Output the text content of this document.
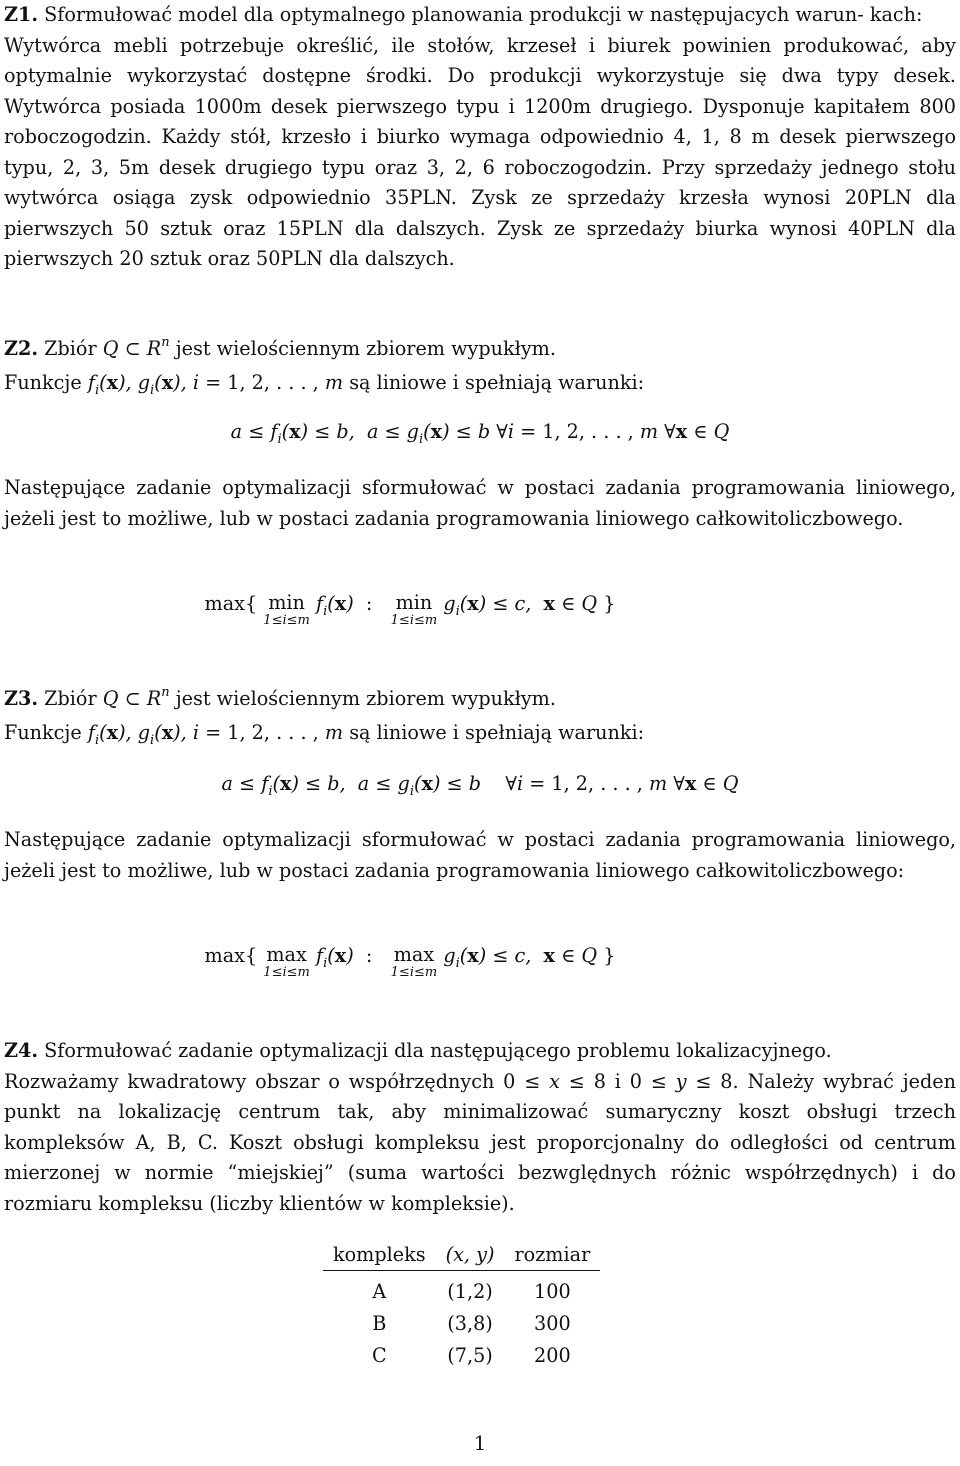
Z1. Sformułować model dla optymalnego planowania produkcji w następujacych warun- kach:
Wytwórca mebli potrzebuje określić, ile stołów, krzeseł i biurek powinien produkować, aby optymalnie wykorzystać dostępne środki. Do produkcji wykorzystuje się dwa typy desek. Wytwórca posiada 1000m desek pierwszego typu i 1200m drugiego. Dysponuje kapitałem 800 roboczogodzin. Każdy stół, krzesło i biurko wymaga odpowiednio 4, 1, 8 m desek pierwszego typu, 2, 3, 5m desek drugiego typu oraz 3, 2, 6 roboczogodzin. Przy sprzedaży jednego stołu wytwórca osiąga zysk odpowiednio 35PLN. Zysk ze sprzedaży krzesła wynosi 20PLN dla pierwszych 50 sztuk oraz 15PLN dla dalszych. Zysk ze sprzedaży biurka wynosi 40PLN dla pierwszych 20 sztuk oraz 50PLN dla dalszych.

Z2. Zbiór Q ⊂ $R^n$ jest wielościennym zbiorem wypukłym.
Funkcje $f_i(x)$, $g_i(x)$, i = 1, 2, . . . , m są liniowe i spełniają warunki:

$a \le f_i(x) \le b$,  $a \le g_i(x) \le b$ ∀i = 1, 2, . . . , m ∀x ∈ Q

Następujące zadanie optymalizacji sformułować w postaci zadania programowania liniowego, jeżeli jest to możliwe, lub w postaci zadania programowania liniowego całkowitoliczbowego.

max{ min
1≤i≤m
$f_i(x)$  :   min
1≤i≤m
$g_i(x) \le c$,  x ∈ Q }

Z3. Zbiór Q ⊂ $R^n$ jest wielościennym zbiorem wypukłym.
Funkcje $f_i(x)$, $g_i(x)$, i = 1, 2, . . . , m są liniowe i spełniają warunki:

$a \le f_i(x) \le b$,  $a \le g_i(x) \le b$    ∀i = 1, 2, . . . , m ∀x ∈ Q

Następujące zadanie optymalizacji sformułować w postaci zadania programowania liniowego, jeżeli jest to możliwe, lub w postaci zadania programowania liniowego całkowitoliczbowego:

max{ max
1≤i≤m
$f_i(x)$  :   max
1≤i≤m
$g_i(x) \le c$,  x ∈ Q }

Z4. Sformułować zadanie optymalizacji dla następującego problemu lokalizacyjnego.
Rozważamy kwadratowy obszar o współrzędnych 0 ≤ x ≤ 8 i 0 ≤ y ≤ 8. Należy wybrać jeden punkt na lokalizację centrum tak, aby minimalizować sumaryczny koszt obsługi trzech kompleksów A, B, C. Koszt obsługi kompleksu jest proporcjonalny do odległości od centrum mierzonej w normie “miejskiej” (suma wartości bezwględnych różnic współrzędnych) i do rozmiaru kompleksu (liczby klientów w kompleksie).

kompleks	(x, y)	rozmiar
A	(1,2)	100
B	(3,8)	300
C	(7,5)	200
1
